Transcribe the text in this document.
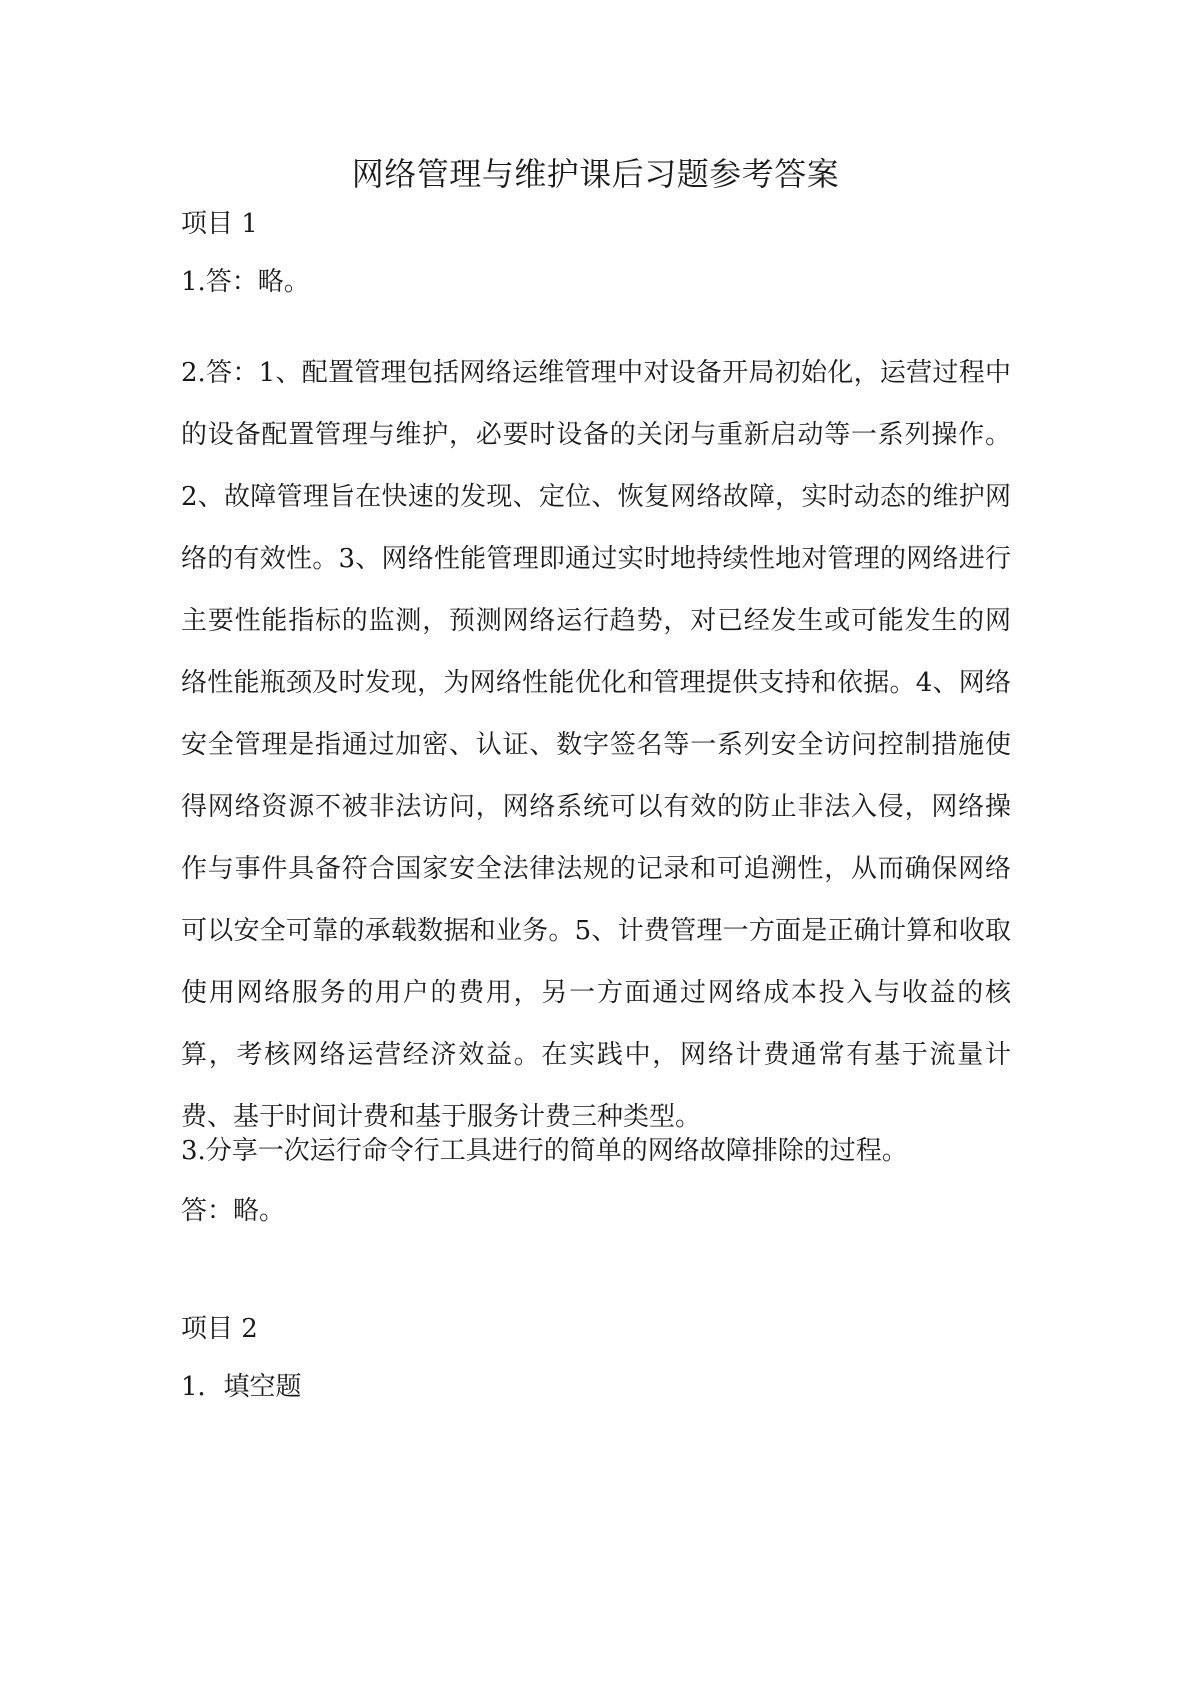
网络管理与维护课后习题参考答案
项目 1
1.答：略。
2.答：1、配置管理包括网络运维管理中对设备开局初始化，运营过程中的设备配置管理与维护，必要时设备的关闭与重新启动等一系列操作。2、故障管理旨在快速的发现、定位、恢复网络故障，实时动态的维护网络的有效性。3、网络性能管理即通过实时地持续性地对管理的网络进行主要性能指标的监测，预测网络运行趋势，对已经发生或可能发生的网络性能瓶颈及时发现，为网络性能优化和管理提供支持和依据。4、网络安全管理是指通过加密、认证、数字签名等一系列安全访问控制措施使得网络资源不被非法访问，网络系统可以有效的防止非法入侵，网络操作与事件具备符合国家安全法律法规的记录和可追溯性，从而确保网络可以安全可靠的承载数据和业务。5、计费管理一方面是正确计算和收取使用网络服务的用户的费用，另一方面通过网络成本投入与收益的核算，考核网络运营经济效益。在实践中，网络计费通常有基于流量计费、基于时间计费和基于服务计费三种类型。
3.分享一次运行命令行工具进行的简单的网络故障排除的过程。
答：略。
项目 2
1．填空题
